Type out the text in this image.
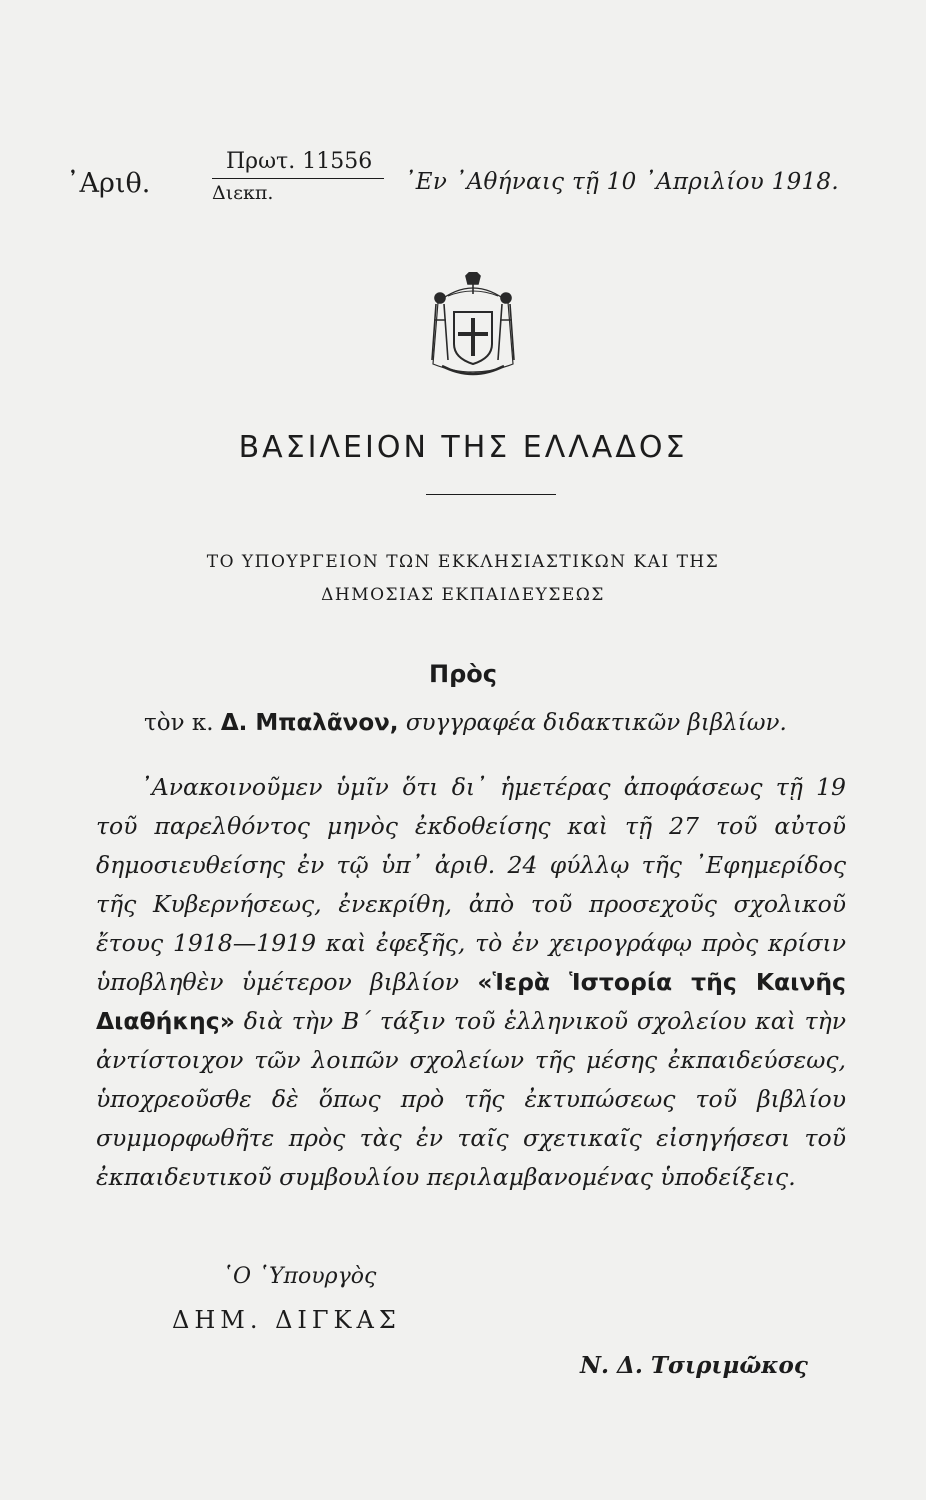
᾿Αριθ.
Πρωτ. 11556
Διεκπ.	᾿Εν ᾿Αθήναις τῇ 10 ᾿Απριλίου 1918.
ΒΑΣΙΛΕΙΟΝ ΤΗΣ ΕΛΛΑΔΟΣ
ΤΟ ΥΠΟΥΡΓΕΙΟΝ ΤΩΝ ΕΚΚΛΗΣΙΑΣΤΙΚΩΝ ΚΑΙ ΤΗΣ
ΔΗΜΟΣΙΑΣ ΕΚΠΑΙΔΕΥΣΕΩΣ
Πρὸς
τὸν κ. Δ. Μπαλᾶνον, συγγραφέα διδακτικῶν βιβλίων.
᾿Ανακοινοῦμεν ὑμῖν ὅτι δι᾿ ἡμετέρας ἀποφάσεως τῇ 19 τοῦ παρελθόντος μηνὸς ἐκδοθείσης καὶ τῇ 27 τοῦ αὐτοῦ δημοσιευθείσης ἐν τῷ ὑπ᾿ ἀριθ. 24 φύλλῳ τῆς ᾿Εφημερίδος τῆς Κυβερνήσεως, ἐνεκρίθη, ἀπὸ τοῦ προσεχοῦς σχολικοῦ ἔτους 1918—1919 καὶ ἐφεξῆς, τὸ ἐν χειρογράφῳ πρὸς κρίσιν ὑποβληθὲν ὑμέτερον βιβλίον «Ἱερὰ Ἱστορία τῆς Καινῆς Διαθήκης» διὰ τὴν Β΄ τάξιν τοῦ ἑλληνικοῦ σχολείου καὶ τὴν ἀντίστοιχον τῶν λοιπῶν σχολείων τῆς μέσης ἐκπαιδεύσεως, ὑποχρεοῦσθε δὲ ὅπως πρὸ τῆς ἐκτυπώσεως τοῦ βιβλίου συμμορφωθῆτε πρὸς τὰς ἐν ταῖς σχετικαῖς εἰσηγήσεσι τοῦ ἐκπαιδευτικοῦ συμβουλίου περιλαμβανομένας ὑποδείξεις.
῾Ο ῾Υπουργὸς
ΔΗΜ. ΔΙΓΚΑΣ
Ν. Δ. Τσιριμῶκος
